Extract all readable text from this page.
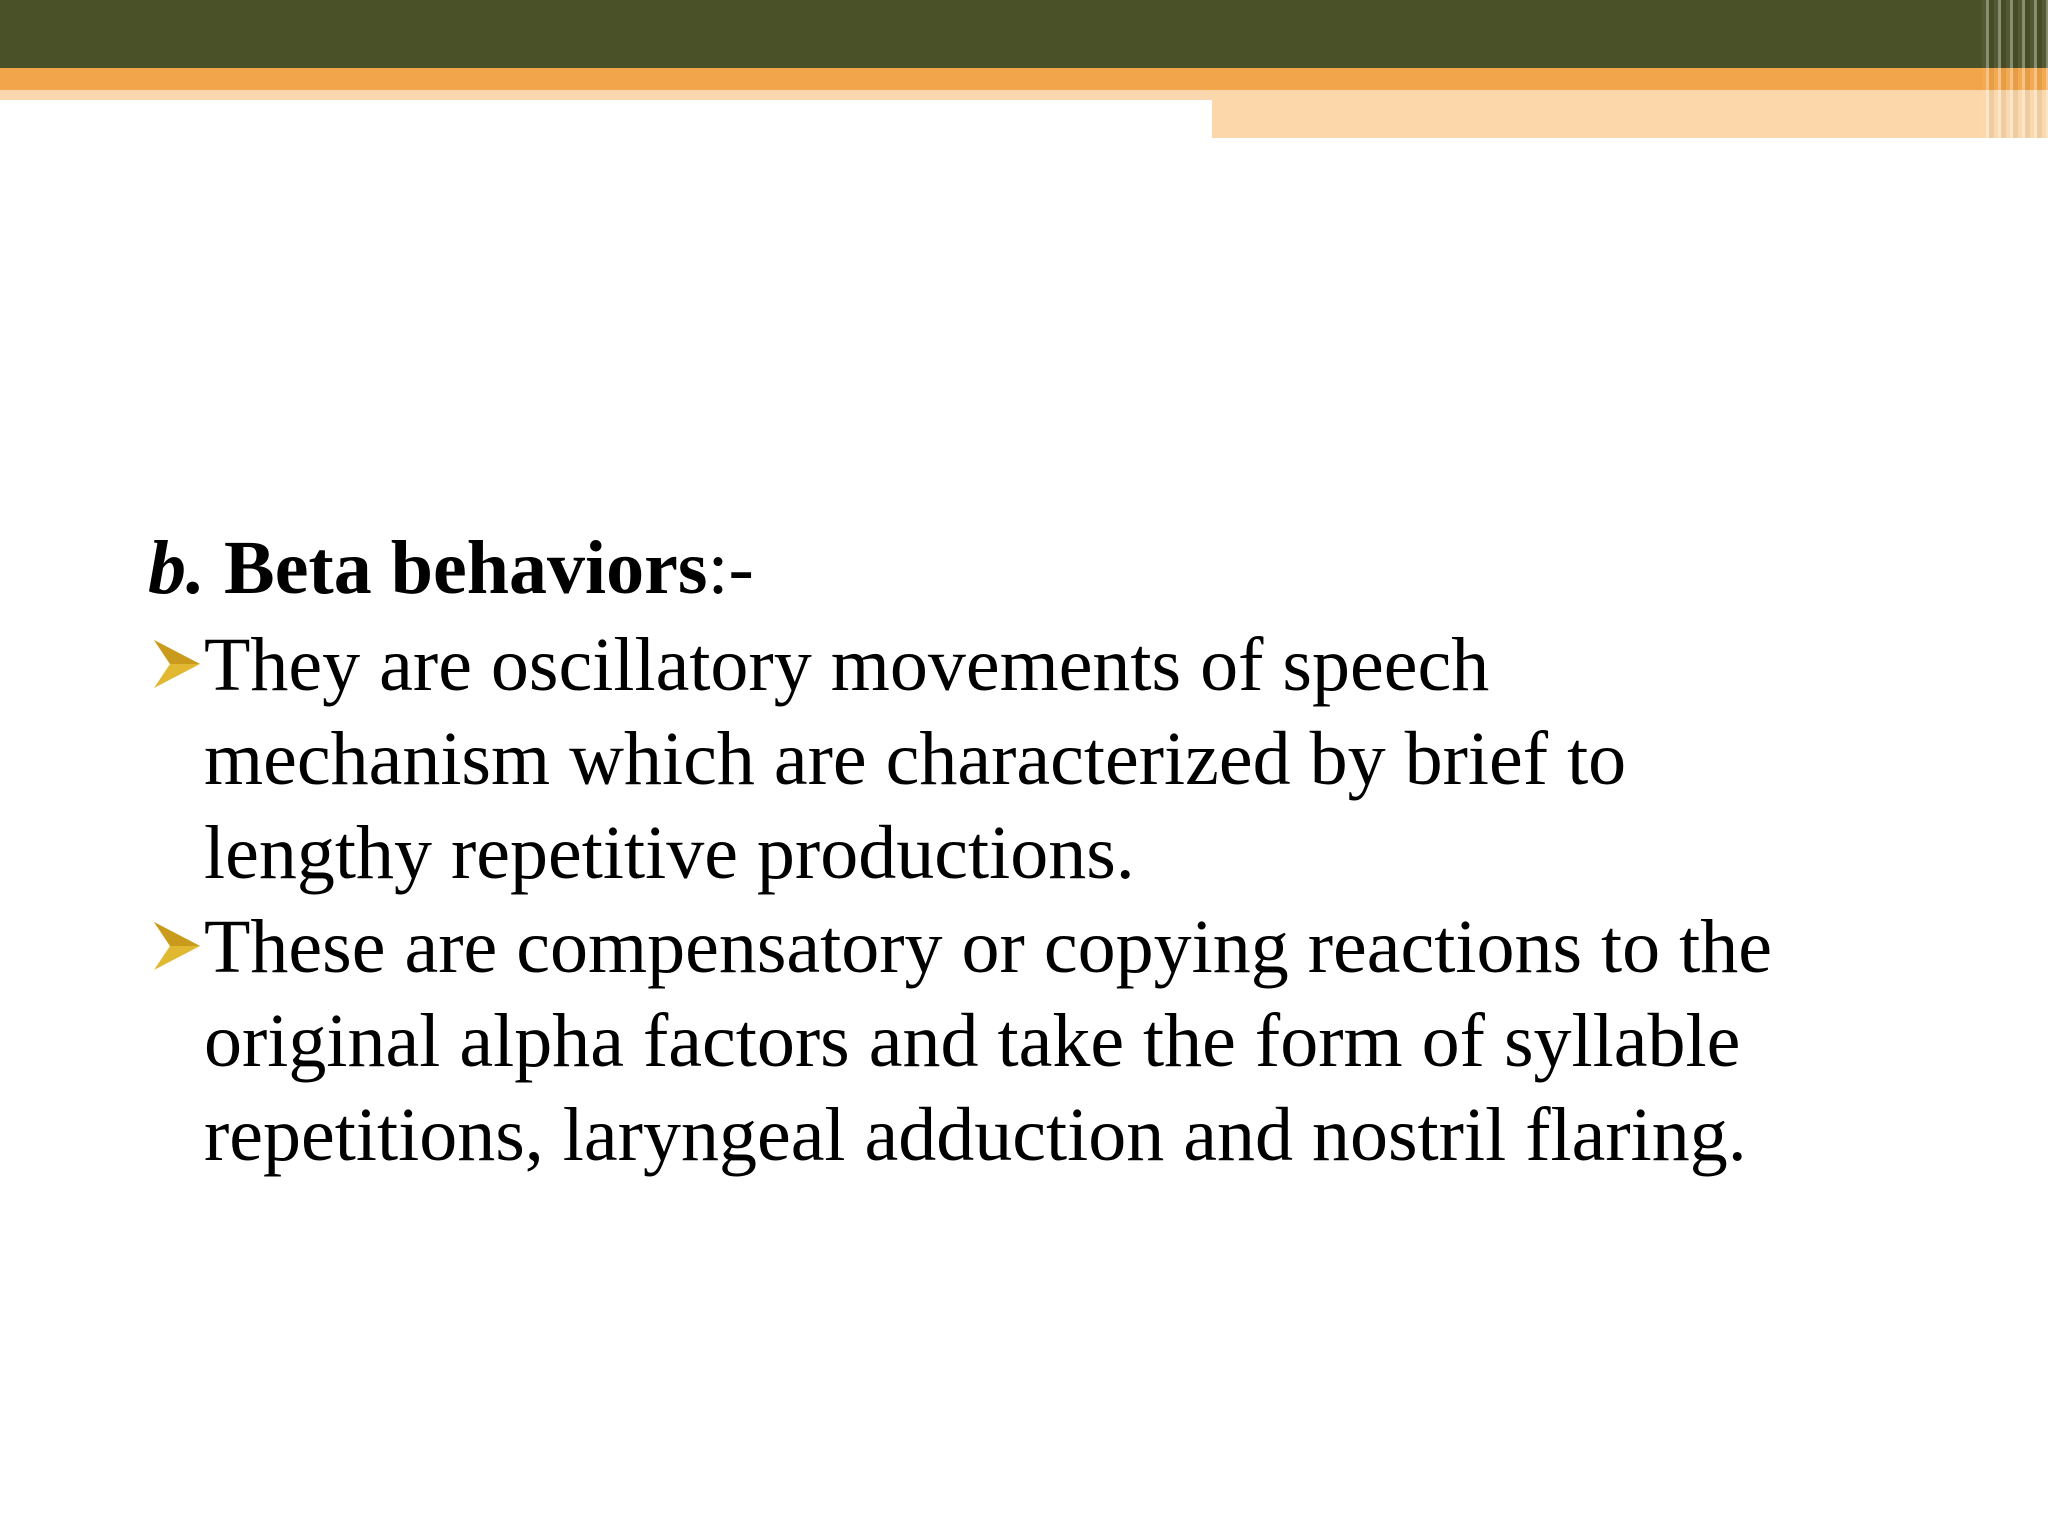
b. Beta behaviors:-
They are oscillatory movements of speech
mechanism which are characterized by brief to
lengthy repetitive productions.
These are compensatory or copying reactions to the
original alpha factors and take the form of syllable
repetitions, laryngeal adduction and nostril flaring.
